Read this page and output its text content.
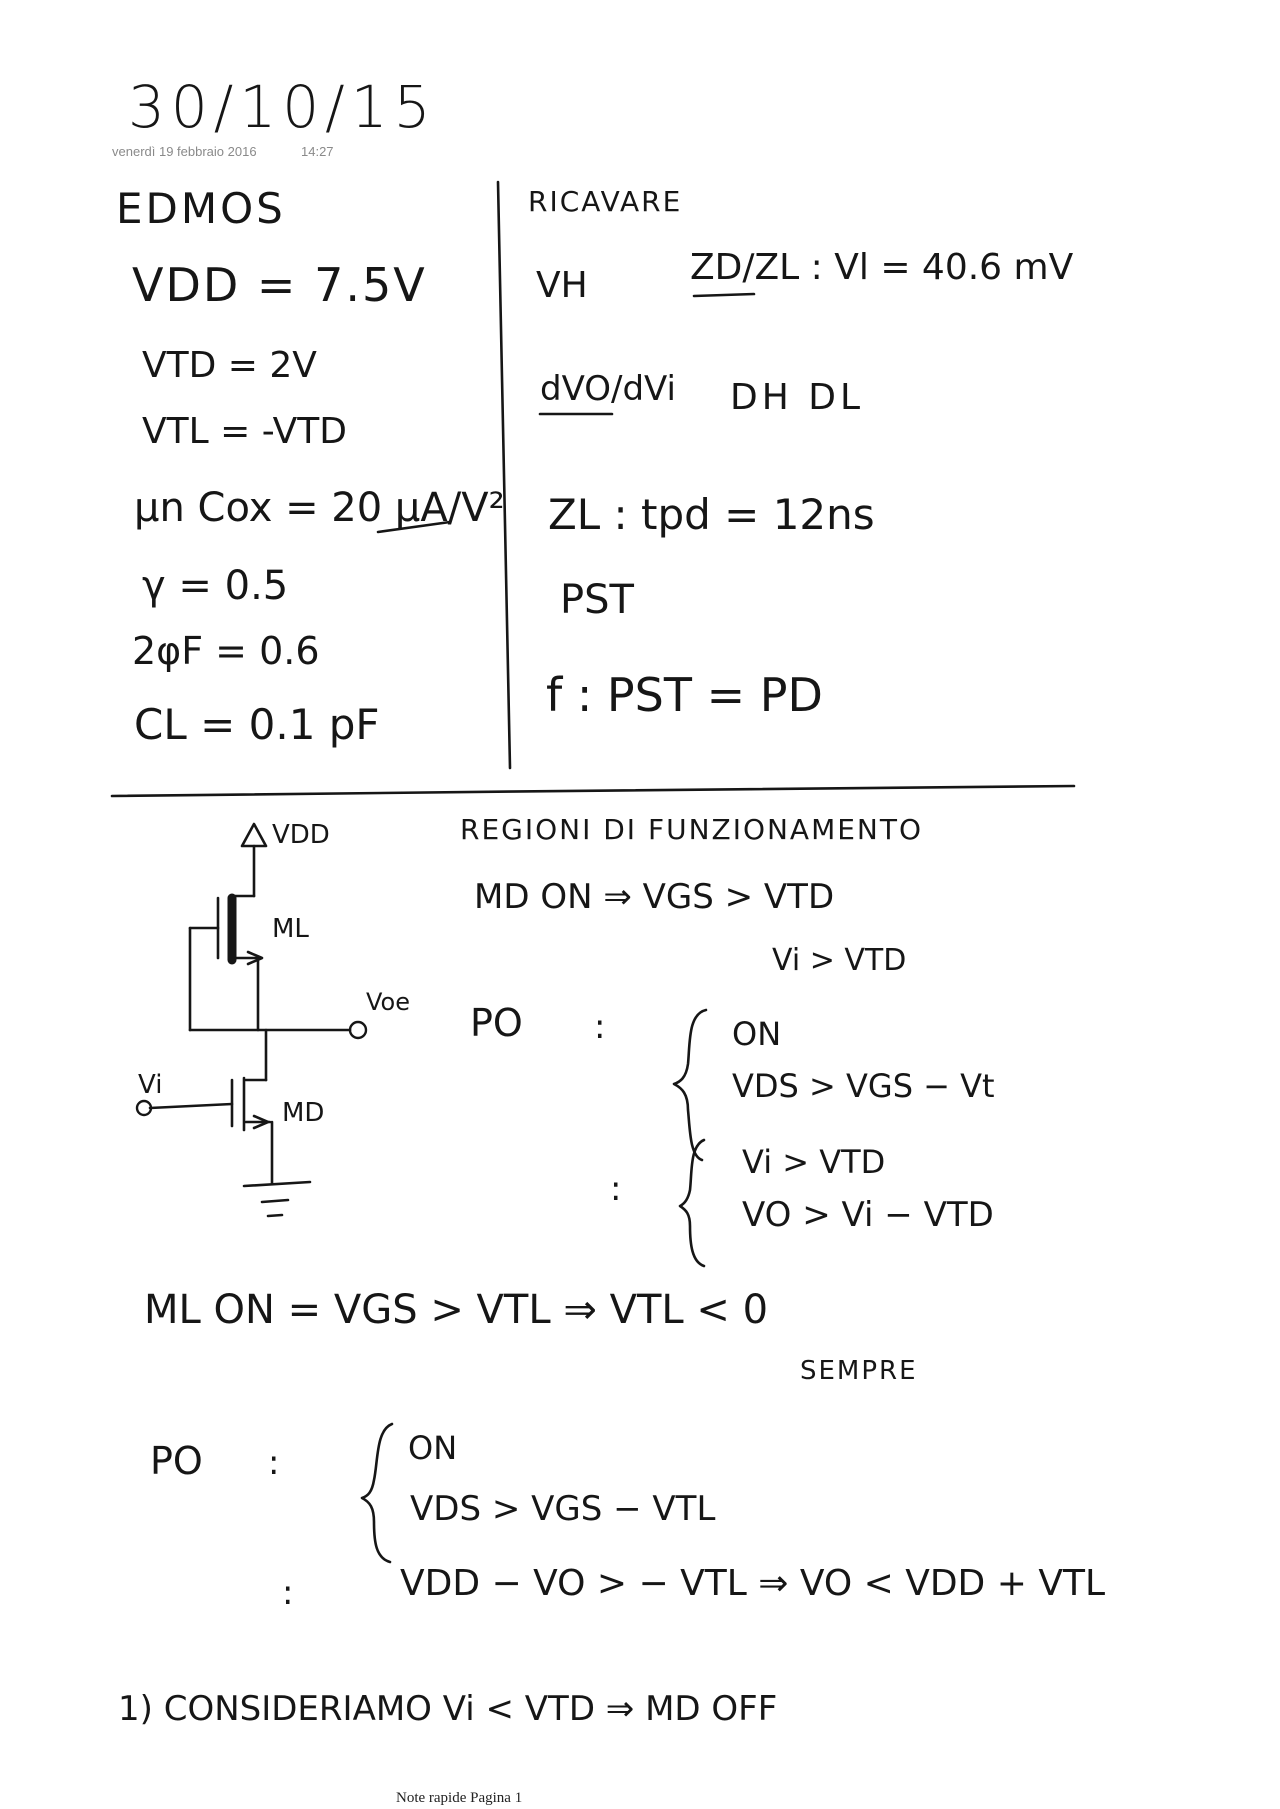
30/10/15
venerdì 19 febbraio 2016	14:27
EDMOS
VDD = 7.5V
VTD = 2V
VTL = -VTD
μn Cox = 20 μA/V²
γ = 0.5
2φF = 0.6
CL = 0.1 pF
RICAVARE
VH	ZD/ZL : Vl = 40.6 mV
dVO/dVi DH DL
ZL : tpd = 12ns
PST
f : PST = PD
VDD
ML
Voe
Vi
MD
REGIONI DI FUNZIONAMENTO
MD ON ⇒ VGS > VTD
Vi > VTD
PO :	ON
VDS > VGS − Vt
:
Vi > VTD
VO > Vi − VTD
ML ON = VGS > VTL ⇒ VTL < 0
SEMPRE
PO :	ON
VDS > VGS − VTL
:	VDD − VO > − VTL ⇒ VO < VDD + VTL
1) CONSIDERIAMO Vi < VTD ⇒ MD OFF
Note rapide Pagina 1
